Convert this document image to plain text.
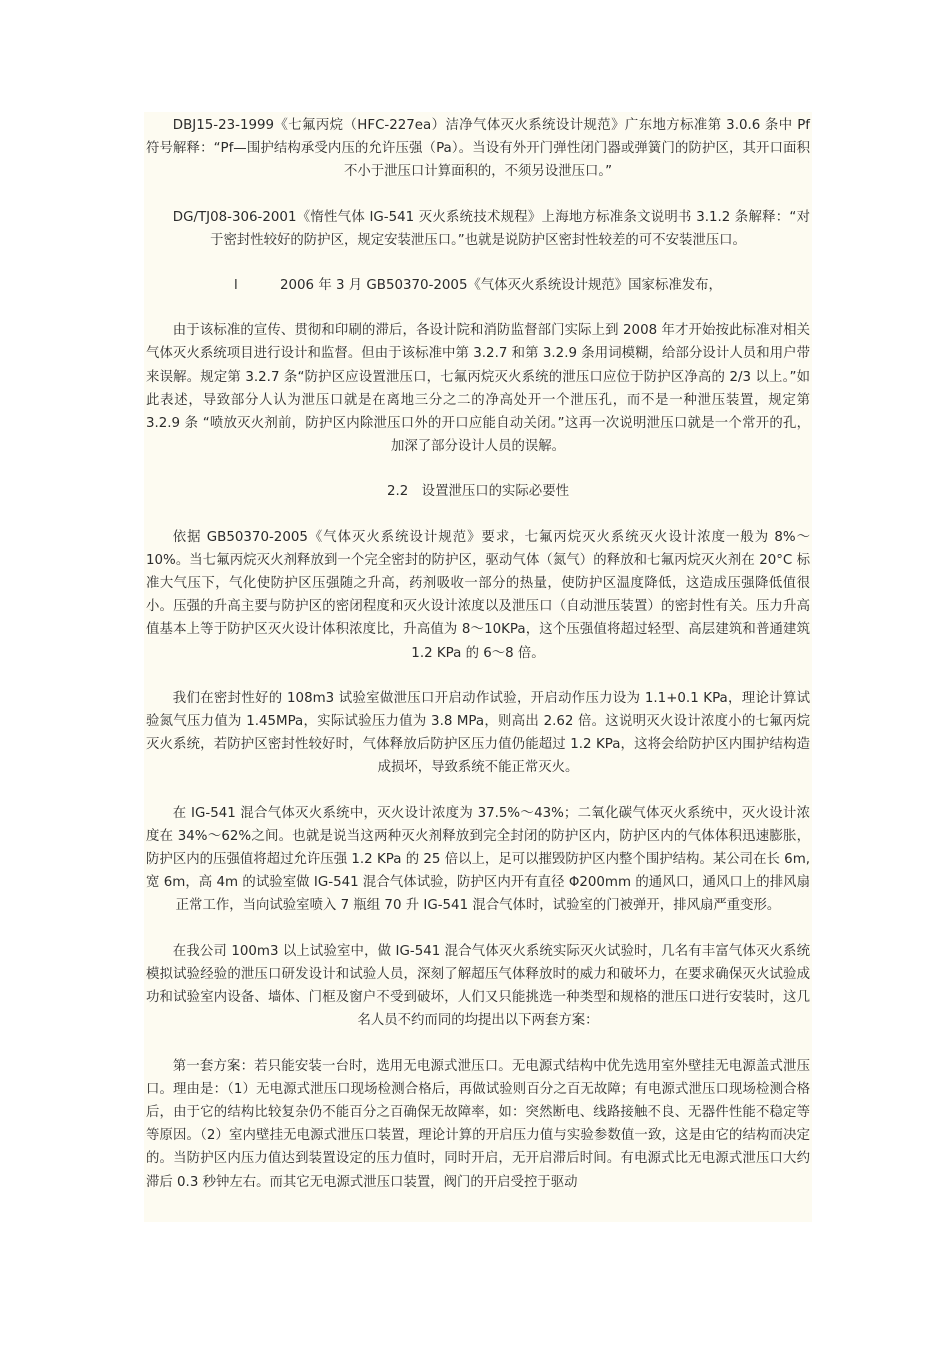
DBJ15-23-1999《七氟丙烷（HFC-227ea）洁净气体灭火系统设计规范》广东地方标准第 3.0.6 条中 Pf 符号解释：“Pf—围护结构承受内压的允许压强（Pa）。当设有外开门弹性闭门器或弹簧门的防护区，其开口面积不小于泄压口计算面积的，不须另设泄压口。”

DG/TJ08-306-2001《惰性气体 IG-541 灭火系统技术规程》上海地方标准条文说明书 3.1.2 条解释：“对于密封性较好的防护区，规定安装泄压口。”也就是说防护区密封性较差的可不安装泄压口。

l	2006 年 3 月 GB50370-2005《气体灭火系统设计规范》国家标准发布，

由于该标准的宣传、贯彻和印刷的滞后，各设计院和消防监督部门实际上到 2008 年才开始按此标准对相关气体灭火系统项目进行设计和监督。但由于该标准中第 3.2.7 和第 3.2.9 条用词模糊，给部分设计人员和用户带来误解。规定第 3.2.7 条“防护区应设置泄压口，七氟丙烷灭火系统的泄压口应位于防护区净高的 2/3 以上。”如此表述，导致部分人认为泄压口就是在离地三分之二的净高处开一个泄压孔，而不是一种泄压装置，规定第 3.2.9 条 “喷放灭火剂前，防护区内除泄压口外的开口应能自动关闭。”这再一次说明泄压口就是一个常开的孔，加深了部分设计人员的误解。

2.2　设置泄压口的实际必要性

依据 GB50370-2005《气体灭火系统设计规范》要求，七氟丙烷灭火系统灭火设计浓度一般为 8%～10%。当七氟丙烷灭火剂释放到一个完全密封的防护区，驱动气体（氮气）的释放和七氟丙烷灭火剂在 20°C 标准大气压下，气化使防护区压强随之升高，药剂吸收一部分的热量，使防护区温度降低，这造成压强降低值很小。压强的升高主要与防护区的密闭程度和灭火设计浓度以及泄压口（自动泄压装置）的密封性有关。压力升高值基本上等于防护区灭火设计体积浓度比，升高值为 8～10KPa，这个压强值将超过轻型、高层建筑和普通建筑 1.2 KPa 的 6～8 倍。

我们在密封性好的 108m3 试验室做泄压口开启动作试验，开启动作压力设为 1.1+0.1 KPa，理论计算试验氮气压力值为 1.45MPa，实际试验压力值为 3.8 MPa，则高出 2.62 倍。这说明灭火设计浓度小的七氟丙烷灭火系统，若防护区密封性较好时，气体释放后防护区压力值仍能超过 1.2 KPa，这将会给防护区内围护结构造成损坏，导致系统不能正常灭火。

在 IG-541 混合气体灭火系统中，灭火设计浓度为 37.5%～43%；二氧化碳气体灭火系统中，灭火设计浓度在 34%～62%之间。也就是说当这两种灭火剂释放到完全封闭的防护区内，防护区内的气体体积迅速膨胀，防护区内的压强值将超过允许压强 1.2 KPa 的 25 倍以上，足可以摧毁防护区内整个围护结构。某公司在长 6m,宽 6m，高 4m 的试验室做 IG-541 混合气体试验，防护区内开有直径 Φ200mm 的通风口，通风口上的排风扇正常工作，当向试验室喷入 7 瓶组 70 升 IG-541 混合气体时，试验室的门被弹开，排风扇严重变形。

在我公司 100m3 以上试验室中，做 IG-541 混合气体灭火系统实际灭火试验时，几名有丰富气体灭火系统模拟试验经验的泄压口研发设计和试验人员，深刻了解超压气体释放时的威力和破坏力，在要求确保灭火试验成功和试验室内设备、墙体、门框及窗户不受到破坏，人们又只能挑选一种类型和规格的泄压口进行安装时，这几名人员不约而同的均提出以下两套方案：

第一套方案：若只能安装一台时，选用无电源式泄压口。无电源式结构中优先选用室外壁挂无电源盖式泄压口。理由是：（1）无电源式泄压口现场检测合格后，再做试验则百分之百无故障；有电源式泄压口现场检测合格后，由于它的结构比较复杂仍不能百分之百确保无故障率，如：突然断电、线路接触不良、无器件性能不稳定等等原因。（2）室内壁挂无电源式泄压口装置，理论计算的开启压力值与实验参数值一致，这是由它的结构而决定的。当防护区内压力值达到装置设定的压力值时，同时开启，无开启滞后时间。有电源式比无电源式泄压口大约滞后 0.3 秒钟左右。而其它无电源式泄压口装置，阀门的开启受控于驱动
